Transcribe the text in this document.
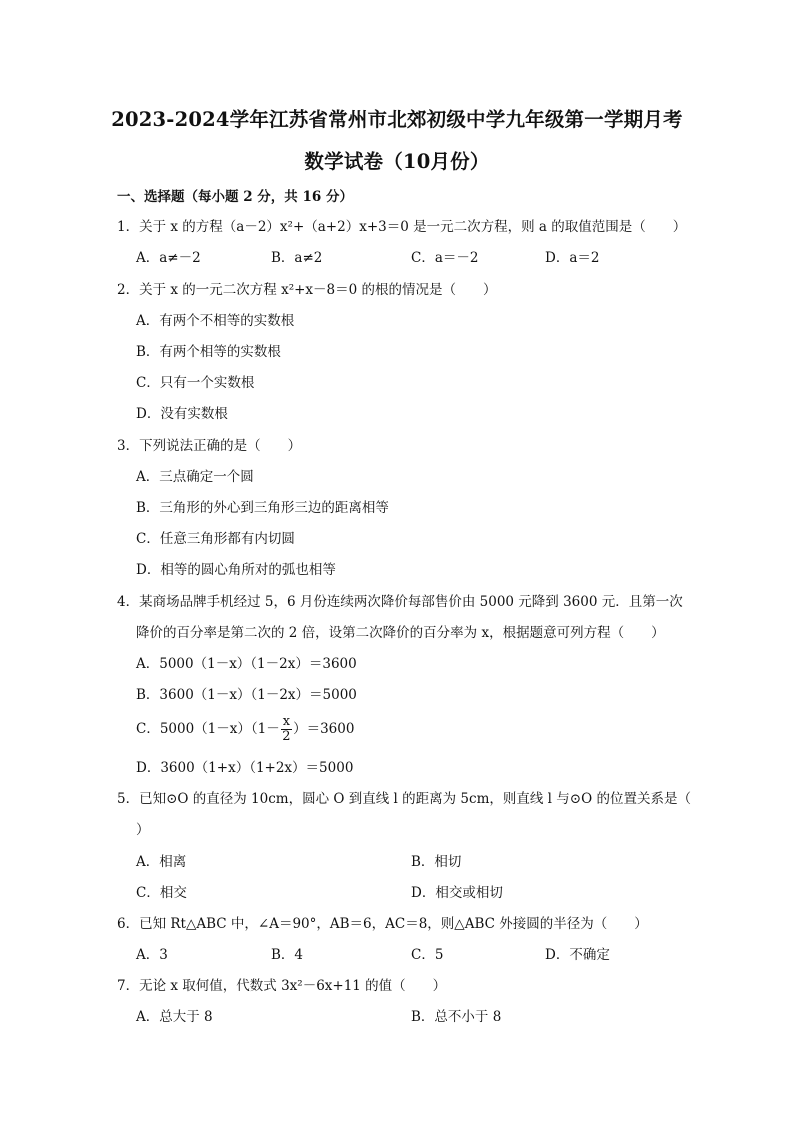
2023-2024学年江苏省常州市北郊初级中学九年级第一学期月考
数学试卷（10月份）
一、选择题（每小题 2 分，共 16 分）
1．关于 x 的方程（a－2）x²+（a+2）x+3＝0 是一元二次方程，则 a 的取值范围是（　　）
A．a≠－2	B．a≠2	C．a＝－2	D．a＝2
2．关于 x 的一元二次方程 x²+x－8＝0 的根的情况是（　　）
A．有两个不相等的实数根
B．有两个相等的实数根
C．只有一个实数根
D．没有实数根
3．下列说法正确的是（　　）
A．三点确定一个圆
B．三角形的外心到三角形三边的距离相等
C．任意三角形都有内切圆
D．相等的圆心角所对的弧也相等
4．某商场品牌手机经过 5，6 月份连续两次降价每部售价由 5000 元降到 3600 元．且第一次
降价的百分率是第二次的 2 倍，设第二次降价的百分率为 x，根据题意可列方程（　　）
A．5000（1－x）（1－2x）＝3600
B．3600（1－x）（1－2x）＝5000
C．$5000(1-x)(1- \frac{x}{2} )=3600$
D．3600（1+x）（1+2x）＝5000
5．已知⊙O 的直径为 10cm，圆心 O 到直线 l 的距离为 5cm，则直线 l 与⊙O 的位置关系是（
）
A．相离	B．相切
C．相交	D．相交或相切
6．已知 Rt△ABC 中，∠A＝90°，AB＝6，AC＝8，则△ABC 外接圆的半径为（　　）
A．3	B．4	C．5	D．不确定
7．无论 x 取何值，代数式 3x²－6x+11 的值（　　）
A．总大于 8	B．总不小于 8
